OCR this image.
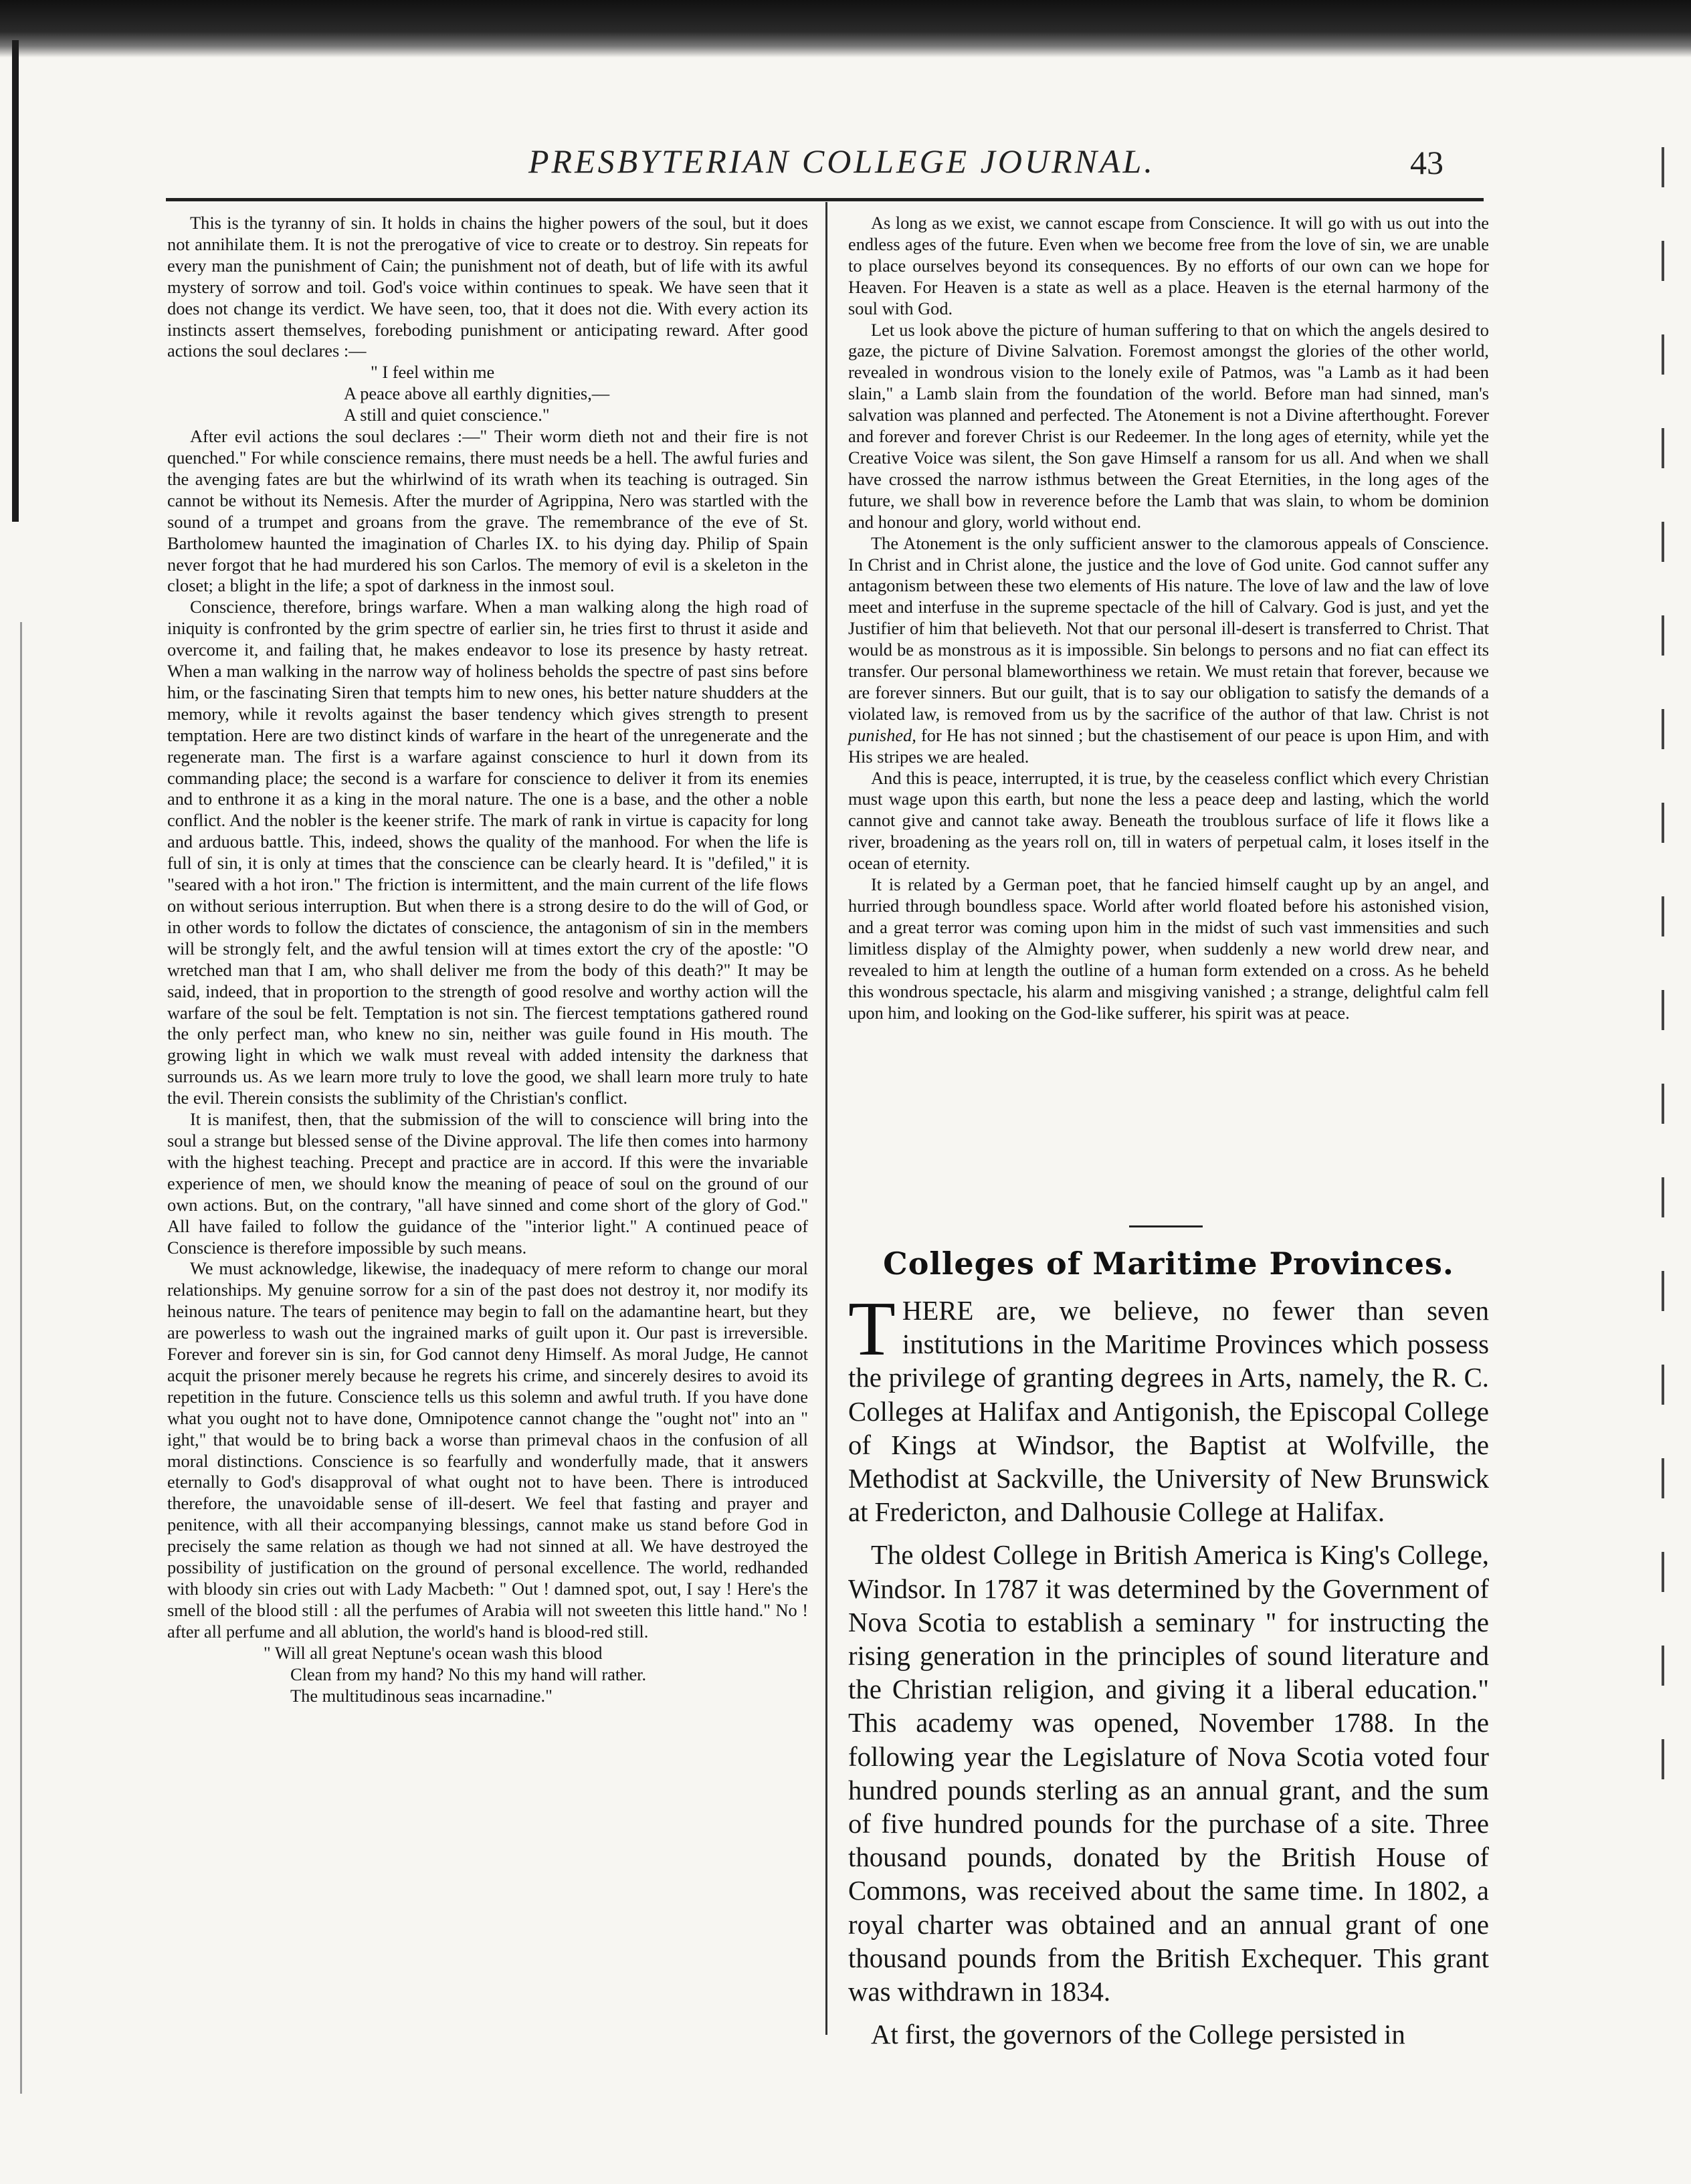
PRESBYTERIAN COLLEGE JOURNAL.	43

This is the tyranny of sin. It holds in chains the higher powers of the soul, but it does not annihilate them. It is not the prerogative of vice to create or to destroy. Sin repeats for every man the punishment of Cain; the punishment not of death, but of life with its awful mystery of sorrow and toil. God's voice within continues to speak. We have seen that it does not change its verdict. We have seen, too, that it does not die. With every action its instincts assert themselves, foreboding punishment or anticipating reward. After good actions the soul declares :—

" I feel within me
A peace above all earthly dignities,—
A still and quiet conscience."

After evil actions the soul declares :—" Their worm dieth not and their fire is not quenched." For while conscience remains, there must needs be a hell. The awful furies and the avenging fates are but the whirlwind of its wrath when its teaching is outraged. Sin cannot be without its Nemesis. After the murder of Agrippina, Nero was startled with the sound of a trumpet and groans from the grave. The remembrance of the eve of St. Bartholomew haunted the imagination of Charles IX. to his dying day. Philip of Spain never forgot that he had murdered his son Carlos. The memory of evil is a skeleton in the closet; a blight in the life; a spot of darkness in the inmost soul.

Conscience, therefore, brings warfare. When a man walking along the high road of iniquity is confronted by the grim spectre of earlier sin, he tries first to thrust it aside and overcome it, and failing that, he makes endeavor to lose its presence by hasty retreat. When a man walking in the narrow way of holiness beholds the spectre of past sins before him, or the fascinating Siren that tempts him to new ones, his better nature shudders at the memory, while it revolts against the baser tendency which gives strength to present temptation. Here are two distinct kinds of warfare in the heart of the unregenerate and the regenerate man. The first is a warfare against conscience to hurl it down from its commanding place; the second is a warfare for conscience to deliver it from its enemies and to enthrone it as a king in the moral nature. The one is a base, and the other a noble conflict. And the nobler is the keener strife. The mark of rank in virtue is capacity for long and arduous battle. This, indeed, shows the quality of the manhood. For when the life is full of sin, it is only at times that the conscience can be clearly heard. It is "defiled," it is "seared with a hot iron." The friction is intermittent, and the main current of the life flows on without serious interruption. But when there is a strong desire to do the will of God, or in other words to follow the dictates of conscience, the antagonism of sin in the members will be strongly felt, and the awful tension will at times extort the cry of the apostle: "O wretched man that I am, who shall deliver me from the body of this death?" It may be said, indeed, that in proportion to the strength of good resolve and worthy action will the warfare of the soul be felt. Temptation is not sin. The fiercest temptations gathered round the only perfect man, who knew no sin, neither was guile found in His mouth. The growing light in which we walk must reveal with added intensity the darkness that surrounds us. As we learn more truly to love the good, we shall learn more truly to hate the evil. Therein consists the sublimity of the Christian's conflict.

It is manifest, then, that the submission of the will to conscience will bring into the soul a strange but blessed sense of the Divine approval. The life then comes into harmony with the highest teaching. Precept and practice are in accord. If this were the invariable experience of men, we should know the meaning of peace of soul on the ground of our own actions. But, on the contrary, "all have sinned and come short of the glory of God." All have failed to follow the guidance of the "interior light." A continued peace of Conscience is therefore impossible by such means.

We must acknowledge, likewise, the inadequacy of mere reform to change our moral relationships. My genuine sorrow for a sin of the past does not destroy it, nor modify its heinous nature. The tears of penitence may begin to fall on the adamantine heart, but they are powerless to wash out the ingrained marks of guilt upon it. Our past is irreversible. Forever and forever sin is sin, for God cannot deny Himself. As moral Judge, He cannot acquit the prisoner merely because he regrets his crime, and sincerely desires to avoid its repetition in the future. Conscience tells us this solemn and awful truth. If you have done what you ought not to have done, Omnipotence cannot change the "ought not" into an " ight," that would be to bring back a worse than primeval chaos in the confusion of all moral distinctions. Conscience is so fearfully and wonderfully made, that it answers eternally to God's disapproval of what ought not to have been. There is introduced therefore, the unavoidable sense of ill-desert. We feel that fasting and prayer and penitence, with all their accompanying blessings, cannot make us stand before God in precisely the same relation as though we had not sinned at all. We have destroyed the possibility of justification on the ground of personal excellence. The world, redhanded with bloody sin cries out with Lady Macbeth: " Out ! damned spot, out, I say ! Here's the smell of the blood still : all the perfumes of Arabia will not sweeten this little hand." No ! after all perfume and all ablution, the world's hand is blood-red still.

" Will all great Neptune's ocean wash this blood
Clean from my hand? No this my hand will rather.
The multitudinous seas incarnadine."

As long as we exist, we cannot escape from Conscience. It will go with us out into the endless ages of the future. Even when we become free from the love of sin, we are unable to place ourselves beyond its consequences. By no efforts of our own can we hope for Heaven. For Heaven is a state as well as a place. Heaven is the eternal harmony of the soul with God.

Let us look above the picture of human suffering to that on which the angels desired to gaze, the picture of Divine Salvation. Foremost amongst the glories of the other world, revealed in wondrous vision to the lonely exile of Patmos, was "a Lamb as it had been slain," a Lamb slain from the foundation of the world. Before man had sinned, man's salvation was planned and perfected. The Atonement is not a Divine afterthought. Forever and forever and forever Christ is our Redeemer. In the long ages of eternity, while yet the Creative Voice was silent, the Son gave Himself a ransom for us all. And when we shall have crossed the narrow isthmus between the Great Eternities, in the long ages of the future, we shall bow in reverence before the Lamb that was slain, to whom be dominion and honour and glory, world without end.

The Atonement is the only sufficient answer to the clamorous appeals of Conscience. In Christ and in Christ alone, the justice and the love of God unite. God cannot suffer any antagonism between these two elements of His nature. The love of law and the law of love meet and interfuse in the supreme spectacle of the hill of Calvary. God is just, and yet the Justifier of him that believeth. Not that our personal ill-desert is transferred to Christ. That would be as monstrous as it is impossible. Sin belongs to persons and no fiat can effect its transfer. Our personal blameworthiness we retain. We must retain that forever, because we are forever sinners. But our guilt, that is to say our obligation to satisfy the demands of a violated law, is removed from us by the sacrifice of the author of that law. Christ is not punished, for He has not sinned ; but the chastisement of our peace is upon Him, and with His stripes we are healed.

And this is peace, interrupted, it is true, by the ceaseless conflict which every Christian must wage upon this earth, but none the less a peace deep and lasting, which the world cannot give and cannot take away. Beneath the troublous surface of life it flows like a river, broadening as the years roll on, till in waters of perpetual calm, it loses itself in the ocean of eternity.

It is related by a German poet, that he fancied himself caught up by an angel, and hurried through boundless space. World after world floated before his astonished vision, and a great terror was coming upon him in the midst of such vast immensities and such limitless display of the Almighty power, when suddenly a new world drew near, and revealed to him at length the outline of a human form extended on a cross. As he beheld this wondrous spectacle, his alarm and misgiving vanished ; a strange, delightful calm fell upon him, and looking on the God-like sufferer, his spirit was at peace.

Colleges of Maritime Provinces.

THERE are, we believe, no fewer than seven institutions in the Maritime Provinces which possess the privilege of granting degrees in Arts, namely, the R. C. Colleges at Halifax and Antigonish, the Episcopal College of Kings at Windsor, the Baptist at Wolfville, the Methodist at Sackville, the University of New Brunswick at Fredericton, and Dalhousie College at Halifax.

The oldest College in British America is King's College, Windsor. In 1787 it was determined by the Government of Nova Scotia to establish a seminary " for instructing the rising generation in the principles of sound literature and the Christian religion, and giving it a liberal education." This academy was opened, November 1788. In the following year the Legislature of Nova Scotia voted four hundred pounds sterling as an annual grant, and the sum of five hundred pounds for the purchase of a site. Three thousand pounds, donated by the British House of Commons, was received about the same time. In 1802, a royal charter was obtained and an annual grant of one thousand pounds from the British Exchequer. This grant was withdrawn in 1834.

At first, the governors of the College persisted in
